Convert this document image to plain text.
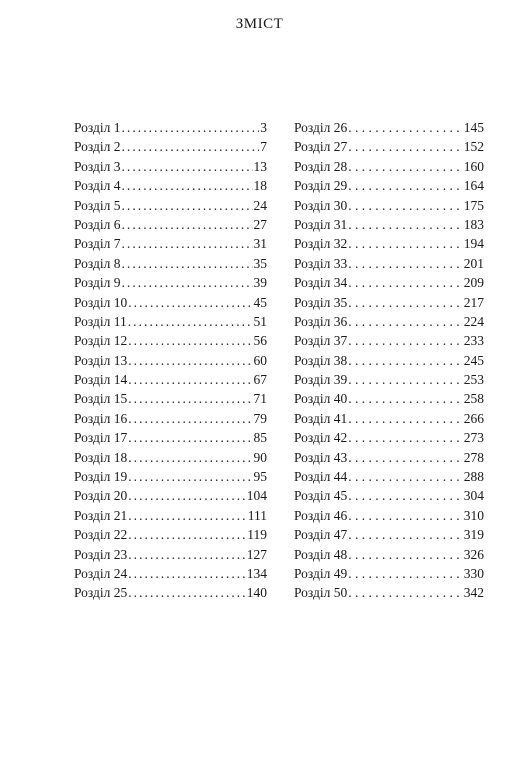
ЗМІСТ
Розділ 1 .....	3
Розділ 2 .....	7
Розділ 3 .....	13
Розділ 4 .....	18
Розділ 5 .....	24
Розділ 6 .....	27
Розділ 7 .....	31
Розділ 8 .....	35
Розділ 9 .....	39
Розділ 10 .....	45
Розділ 11 .....	51
Розділ 12 .....	56
Розділ 13 .....	60
Розділ 14 .....	67
Розділ 15 .....	71
Розділ 16 .....	79
Розділ 17 .....	85
Розділ 18 .....	90
Розділ 19 .....	95
Розділ 20 .....	104
Розділ 21 .....	111
Розділ 22 .....	119
Розділ 23 .....	127
Розділ 24 .....	134
Розділ 25 .....	140
Розділ 26 . . .	145
Розділ 27 . . .	152
Розділ 28 . . .	160
Розділ 29 . . .	164
Розділ 30 . . .	175
Розділ 31 . . .	183
Розділ 32 . . .	194
Розділ 33 . . .	201
Розділ 34 . . .	209
Розділ 35 . . .	217
Розділ 36 . . .	224
Розділ 37 . . .	233
Розділ 38 . . .	245
Розділ 39 . . .	253
Розділ 40 . . .	258
Розділ 41 . . .	266
Розділ 42 . . .	273
Розділ 43 . . .	278
Розділ 44 . . .	288
Розділ 45 . . .	304
Розділ 46 . . .	310
Розділ 47 . . .	319
Розділ 48 . . .	326
Розділ 49 . . .	330
Розділ 50 . . .	342
